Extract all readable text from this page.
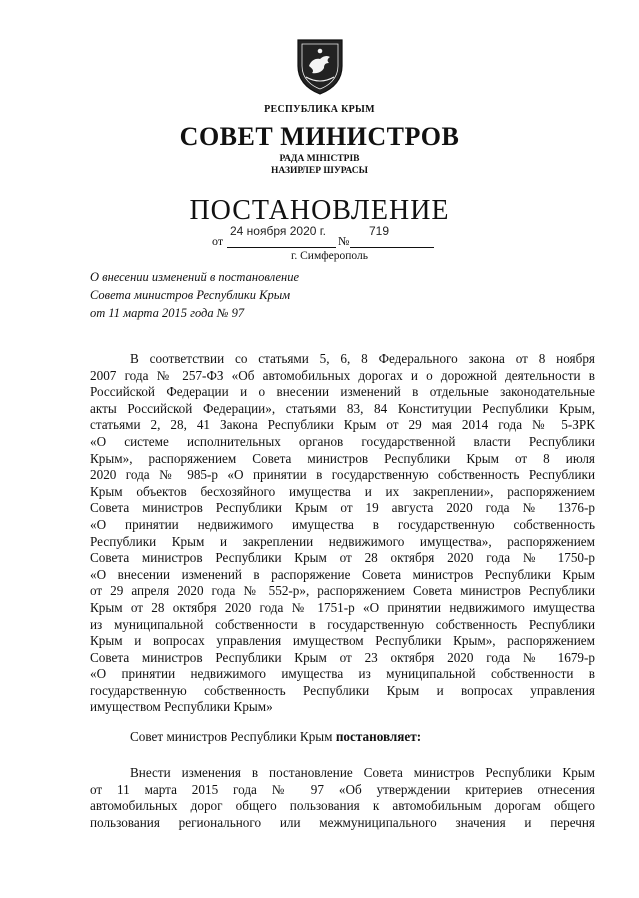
РЕСПУБЛИКА КРЫМ
СОВЕТ МИНИСТРОВ
РАДА МІНІСТРІВ
НАЗИРЛЕР ШУРАСЫ
ПОСТАНОВЛЕНИЕ
от
24 ноября 2020 г.
№
719
г. Симферополь
О внесении изменений в постановление
Совета министров Республики Крым
от 11 марта 2015 года № 97
В соответствии со статьями 5, 6, 8 Федерального закона от 8 ноября
2007 года № 257-ФЗ «Об автомобильных дорогах и о дорожной деятельности в
Российской Федерации и о внесении изменений в отдельные законодательные
акты Российской Федерации», статьями 83, 84 Конституции Республики Крым,
статьями 2, 28, 41 Закона Республики Крым от 29 мая 2014 года № 5-ЗРК
«О системе исполнительных органов государственной власти Республики
Крым», распоряжением Совета министров Республики Крым от 8 июля
2020 года № 985-р «О принятии в государственную собственность Республики
Крым объектов бесхозяйного имущества и их закреплении», распоряжением
Совета министров Республики Крым от 19 августа 2020 года № 1376-р
«О принятии недвижимого имущества в государственную собственность
Республики Крым и закреплении недвижимого имущества», распоряжением
Совета министров Республики Крым от 28 октября 2020 года № 1750-р
«О внесении изменений в распоряжение Совета министров Республики Крым
от 29 апреля 2020 года № 552-р», распоряжением Совета министров Республики
Крым от 28 октября 2020 года № 1751-р «О принятии недвижимого имущества
из муниципальной собственности в государственную собственность Республики
Крым и вопросах управления имуществом Республики Крым», распоряжением
Совета министров Республики Крым от 23 октября 2020 года № 1679-р
«О принятии недвижимого имущества из муниципальной собственности в
государственную собственность Республики Крым и вопросах управления
имуществом Республики Крым»
Совет министров Республики Крым постановляет:
Внести изменения в постановление Совета министров Республики Крым
от 11 марта 2015 года № 97 «Об утверждении критериев отнесения
автомобильных дорог общего пользования к автомобильным дорогам общего
пользования регионального или межмуниципального значения и перечня
